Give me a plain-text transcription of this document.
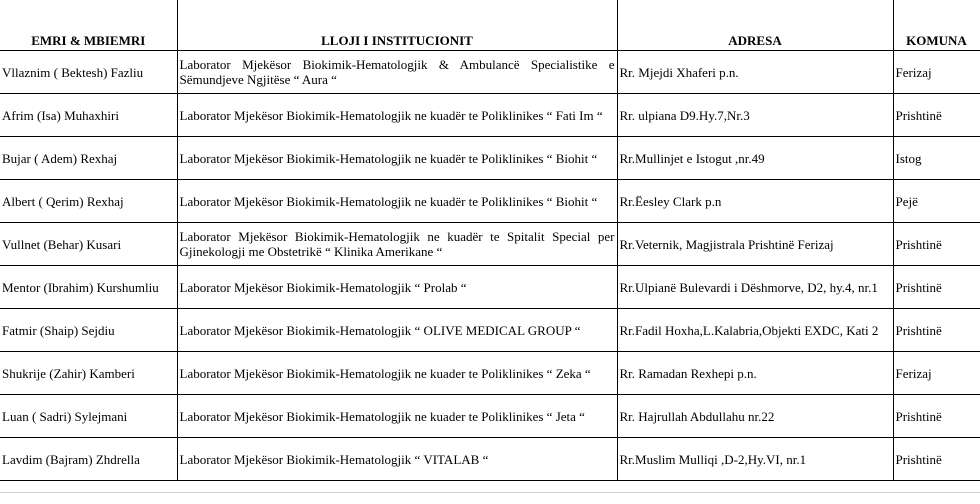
EMRI & MBIEMRI	LLOJI I INSTITUCIONIT	ADRESA	KOMUNA
Vllaznim ( Bektesh) Fazliu	Laborator Mjekësor Biokimik-Hematologjik & Ambulancë Specialistike e Sëmundjeve Ngjitëse “ Aura “	Rr. Mjejdi Xhaferi p.n.	Ferizaj
Afrim (Isa) Muhaxhiri	Laborator Mjekësor Biokimik-Hematologjik ne kuadër te Poliklinikes “ Fati Im “	Rr. ulpiana D9.Hy.7,Nr.3	Prishtinë
Bujar ( Adem) Rexhaj	Laborator Mjekësor Biokimik-Hematologjik ne kuadër te Poliklinikes “ Biohit “	Rr.Mullinjet e Istogut ,nr.49	Istog
Albert ( Qerim) Rexhaj	Laborator Mjekësor Biokimik-Hematologjik ne kuadër te Poliklinikes “ Biohit “	Rr.Ëesley Clark p.n	Pejë
Vullnet (Behar) Kusari	Laborator Mjekësor Biokimik-Hematologjik ne kuadër te Spitalit Special per Gjinekologji me Obstetrikë “ Klinika Amerikane “	Rr.Veternik, Magjistrala Prishtinë Ferizaj	Prishtinë
Mentor (Ibrahim) Kurshumliu	Laborator Mjekësor Biokimik-Hematologjik “ Prolab “	Rr.Ulpianë Bulevardi i Dëshmorve, D2, hy.4, nr.1	Prishtinë
Fatmir (Shaip) Sejdiu	Laborator Mjekësor Biokimik-Hematologjik “ OLIVE MEDICAL GROUP “	Rr.Fadil Hoxha,L.Kalabria,Objekti EXDC, Kati 2	Prishtinë
Shukrije (Zahir) Kamberi	Laborator Mjekësor Biokimik-Hematologjik ne kuader te Poliklinikes “ Zeka “	Rr. Ramadan Rexhepi p.n.	Ferizaj
Luan ( Sadri) Sylejmani	Laborator Mjekësor Biokimik-Hematologjik ne kuader te Poliklinikes “ Jeta “	Rr. Hajrullah Abdullahu nr.22	Prishtinë
Lavdim (Bajram) Zhdrella	Laborator Mjekësor Biokimik-Hematologjik “ VITALAB “	Rr.Muslim Mulliqi ,D-2,Hy.VI, nr.1	Prishtinë
